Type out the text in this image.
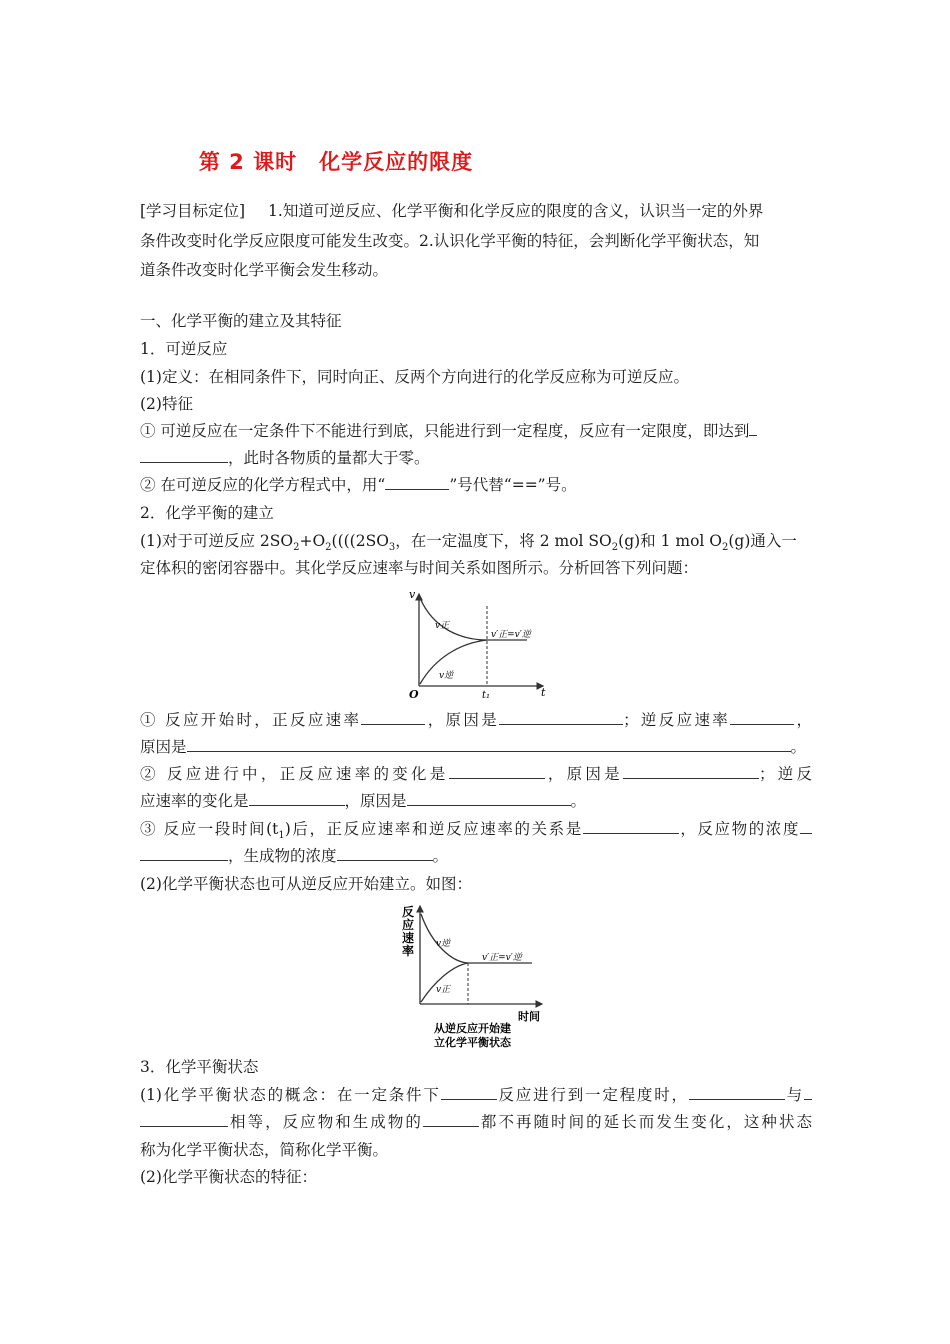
第 2 课时　化学反应的限度
[学习目标定位] 1.知道可逆反应、化学平衡和化学反应的限度的含义，认识当一定的外界
条件改变时化学反应限度可能发生改变。2.认识化学平衡的特征，会判断化学平衡状态，知
道条件改变时化学平衡会发生移动。
一、化学平衡的建立及其特征
1．可逆反应
(1)定义：在相同条件下，同时向正、反两个方向进行的化学反应称为可逆反应。
(2)特征
① 可逆反应在一定条件下不能进行到底，只能进行到一定程度，反应有一定限度，即达到
，此时各物质的量都大于零。
② 在可逆反应的化学方程式中，用“	”号代替“==”号。
2．化学平衡的建立
(1)对于可逆反应 $2SO_2+O_2((((2SO_3$，在一定温度下，将 2 mol $SO_2(g)$和 1 mol $O_2(g)$通入一
定体积的密闭容器中。其化学反应速率与时间关系如图所示。分析回答下列问题：
v
t
O	t₁
v正
v逆
v′正=v′逆
① 反应开始时，正反应速率	，原因是	；逆反应速率	，
原因是	。
② 反应进行中，正反应速率的变化是	，原因是	；逆反
应速率的变化是	，原因是	。
③ 反应一段时间$(t_1)$后，正反应速率和逆反应速率的关系是	，反应物的浓度
，生成物的浓度	。
(2)化学平衡状态也可从逆反应开始建立。如图：
反应速率
时间
v逆
v正
v′正=v′逆
从逆反应开始建
立化学平衡状态
3．化学平衡状态
(1)化学平衡状态的概念：在一定条件下	反应进行到一定程度时，	与
相等，反应物和生成物的	都不再随时间的延长而发生变化，这种状态
称为化学平衡状态，简称化学平衡。
(2)化学平衡状态的特征：
